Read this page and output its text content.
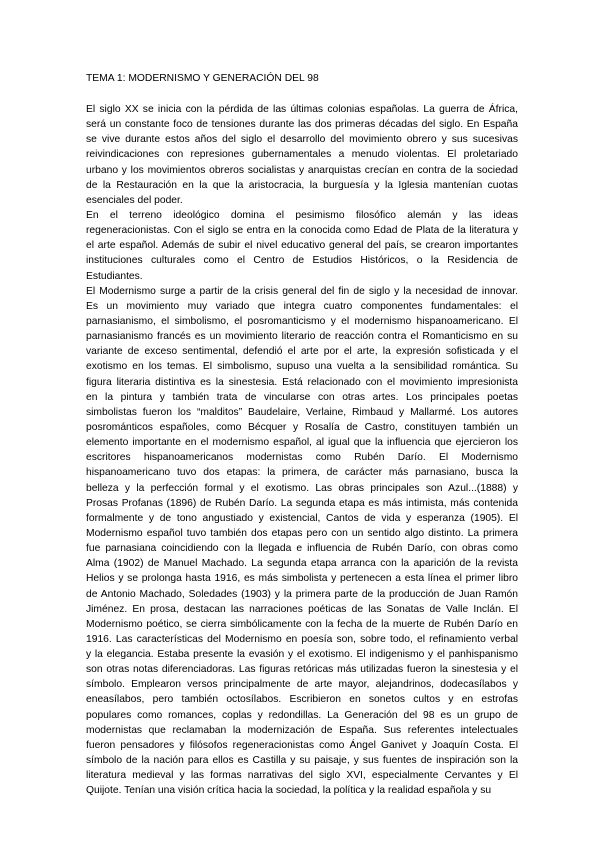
TEMA 1: MODERNISMO Y GENERACIÓN DEL 98
El siglo XX se inicia con la pérdida de las últimas colonias españolas. La guerra de África,
será un constante foco de tensiones durante las dos primeras décadas del siglo. En España
se vive durante estos años del siglo el desarrollo del movimiento obrero y sus sucesivas
reivindicaciones con represiones gubernamentales a menudo violentas. El proletariado
urbano y los movimientos obreros socialistas y anarquistas crecían en contra de la sociedad
de la Restauración en la que la aristocracia, la burguesía y la Iglesia mantenían cuotas
esenciales del poder.
En el terreno ideológico domina el pesimismo filosófico alemán y las ideas
regeneracionistas. Con el siglo se entra en la conocida como Edad de Plata de la literatura y
el arte español. Además de subir el nivel educativo general del país, se crearon importantes
instituciones culturales como el Centro de Estudios Históricos, o la Residencia de
Estudiantes.
El Modernismo surge a partir de la crisis general del fin de siglo y la necesidad de innovar.
Es un movimiento muy variado que integra cuatro componentes fundamentales: el
parnasianismo, el simbolismo, el posromanticismo y el modernismo hispanoamericano. El
parnasianismo francés es un movimiento literario de reacción contra el Romanticismo en su
variante de exceso sentimental, defendió el arte por el arte, la expresión sofisticada y el
exotismo en los temas. El simbolismo, supuso una vuelta a la sensibilidad romántica. Su
figura literaria distintiva es la sinestesia. Está relacionado con el movimiento impresionista
en la pintura y también trata de vincularse con otras artes. Los principales poetas
simbolistas fueron los “malditos” Baudelaire, Verlaine, Rimbaud y Mallarmé. Los autores
posrománticos españoles, como Bécquer y Rosalía de Castro, constituyen también un
elemento importante en el modernismo español, al igual que la influencia que ejercieron los
escritores hispanoamericanos modernistas como Rubén Darío. El Modernismo
hispanoamericano tuvo dos etapas: la primera, de carácter más parnasiano, busca la
belleza y la perfección formal y el exotismo. Las obras principales son Azul...(1888) y
Prosas Profanas (1896) de Rubén Darío. La segunda etapa es más intimista, más contenida
formalmente y de tono angustiado y existencial, Cantos de vida y esperanza (1905). El
Modernismo español tuvo también dos etapas pero con un sentido algo distinto. La primera
fue parnasiana coincidiendo con la llegada e influencia de Rubén Darío, con obras como
Alma (1902) de Manuel Machado. La segunda etapa arranca con la aparición de la revista
Helios y se prolonga hasta 1916, es más simbolista y pertenecen a esta línea el primer libro
de Antonio Machado, Soledades (1903) y la primera parte de la producción de Juan Ramón
Jiménez. En prosa, destacan las narraciones poéticas de las Sonatas de Valle Inclán. El
Modernismo poético, se cierra simbólicamente con la fecha de la muerte de Rubén Darío en
1916. Las características del Modernismo en poesía son, sobre todo, el refinamiento verbal
y la elegancia. Estaba presente la evasión y el exotismo. El indigenismo y el panhispanismo
son otras notas diferenciadoras. Las figuras retóricas más utilizadas fueron la sinestesia y el
símbolo. Emplearon versos principalmente de arte mayor, alejandrinos, dodecasílabos y
eneasílabos, pero también octosílabos. Escribieron en sonetos cultos y en estrofas
populares como romances, coplas y redondillas. La Generación del 98 es un grupo de
modernistas que reclamaban la modernización de España. Sus referentes intelectuales
fueron pensadores y filósofos regeneracionistas como Ángel Ganivet y Joaquín Costa. El
símbolo de la nación para ellos es Castilla y su paisaje, y sus fuentes de inspiración son la
literatura medieval y las formas narrativas del siglo XVI, especialmente Cervantes y El
Quijote. Tenían una visión crítica hacia la sociedad, la política y la realidad española y su
